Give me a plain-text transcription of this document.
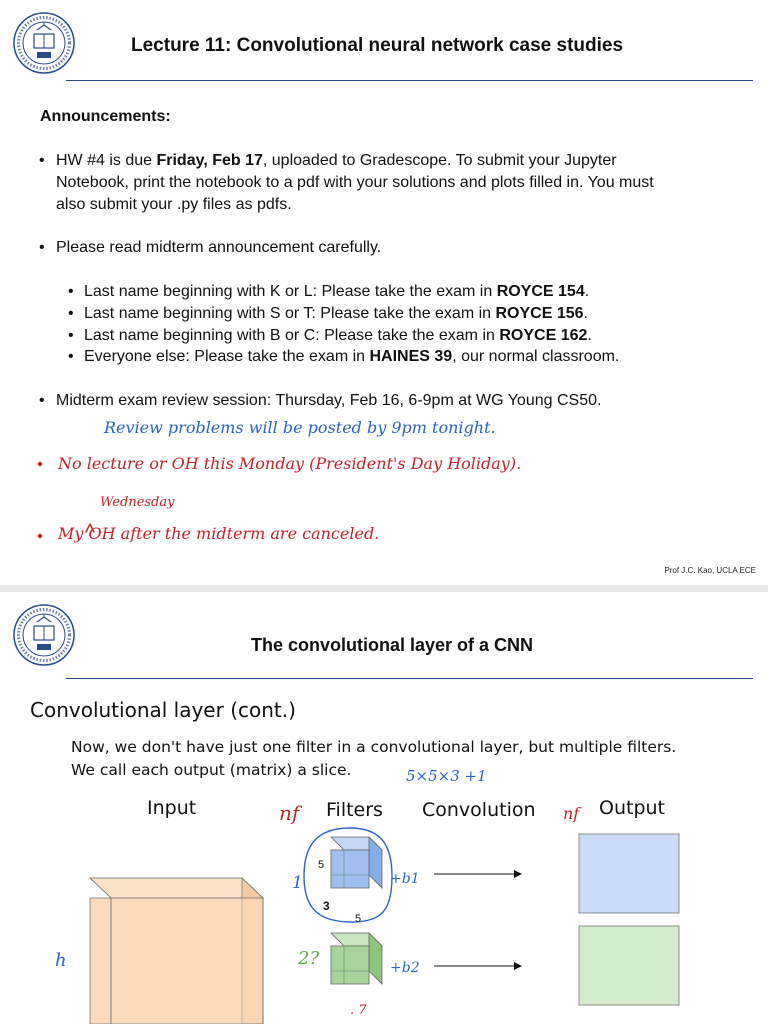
Lecture 11: Convolutional neural network case studies
Announcements:
• HW #4 is due Friday, Feb 17, uploaded to Gradescope. To submit your Jupyter
Notebook, print the notebook to a pdf with your solutions and plots filled in. You must
also submit your .py files as pdfs.
• Please read midterm announcement carefully.
• Last name beginning with K or L: Please take the exam in ROYCE 154.
• Last name beginning with S or T: Please take the exam in ROYCE 156.
• Last name beginning with B or C: Please take the exam in ROYCE 162.
• Everyone else: Please take the exam in HAINES 39, our normal classroom.
• Midterm exam review session: Thursday, Feb 16, 6-9pm at WG Young CS50.
Review problems will be posted by 9pm tonight.
No lecture or OH this Monday (President's Day Holiday).
Wednesday
My OH after the midterm are canceled.
Prof J.C. Kao, UCLA ECE
The convolutional layer of a CNN
Convolutional layer (cont.)
Now, we don't have just one filter in a convolutional layer, but multiple filters.
We call each output (matrix) a slice.
Input	Filters Convolution	Output
5×5×3 +1
nf	nf
1
5
3
5
+b1
+b2
2?
h
. 7
